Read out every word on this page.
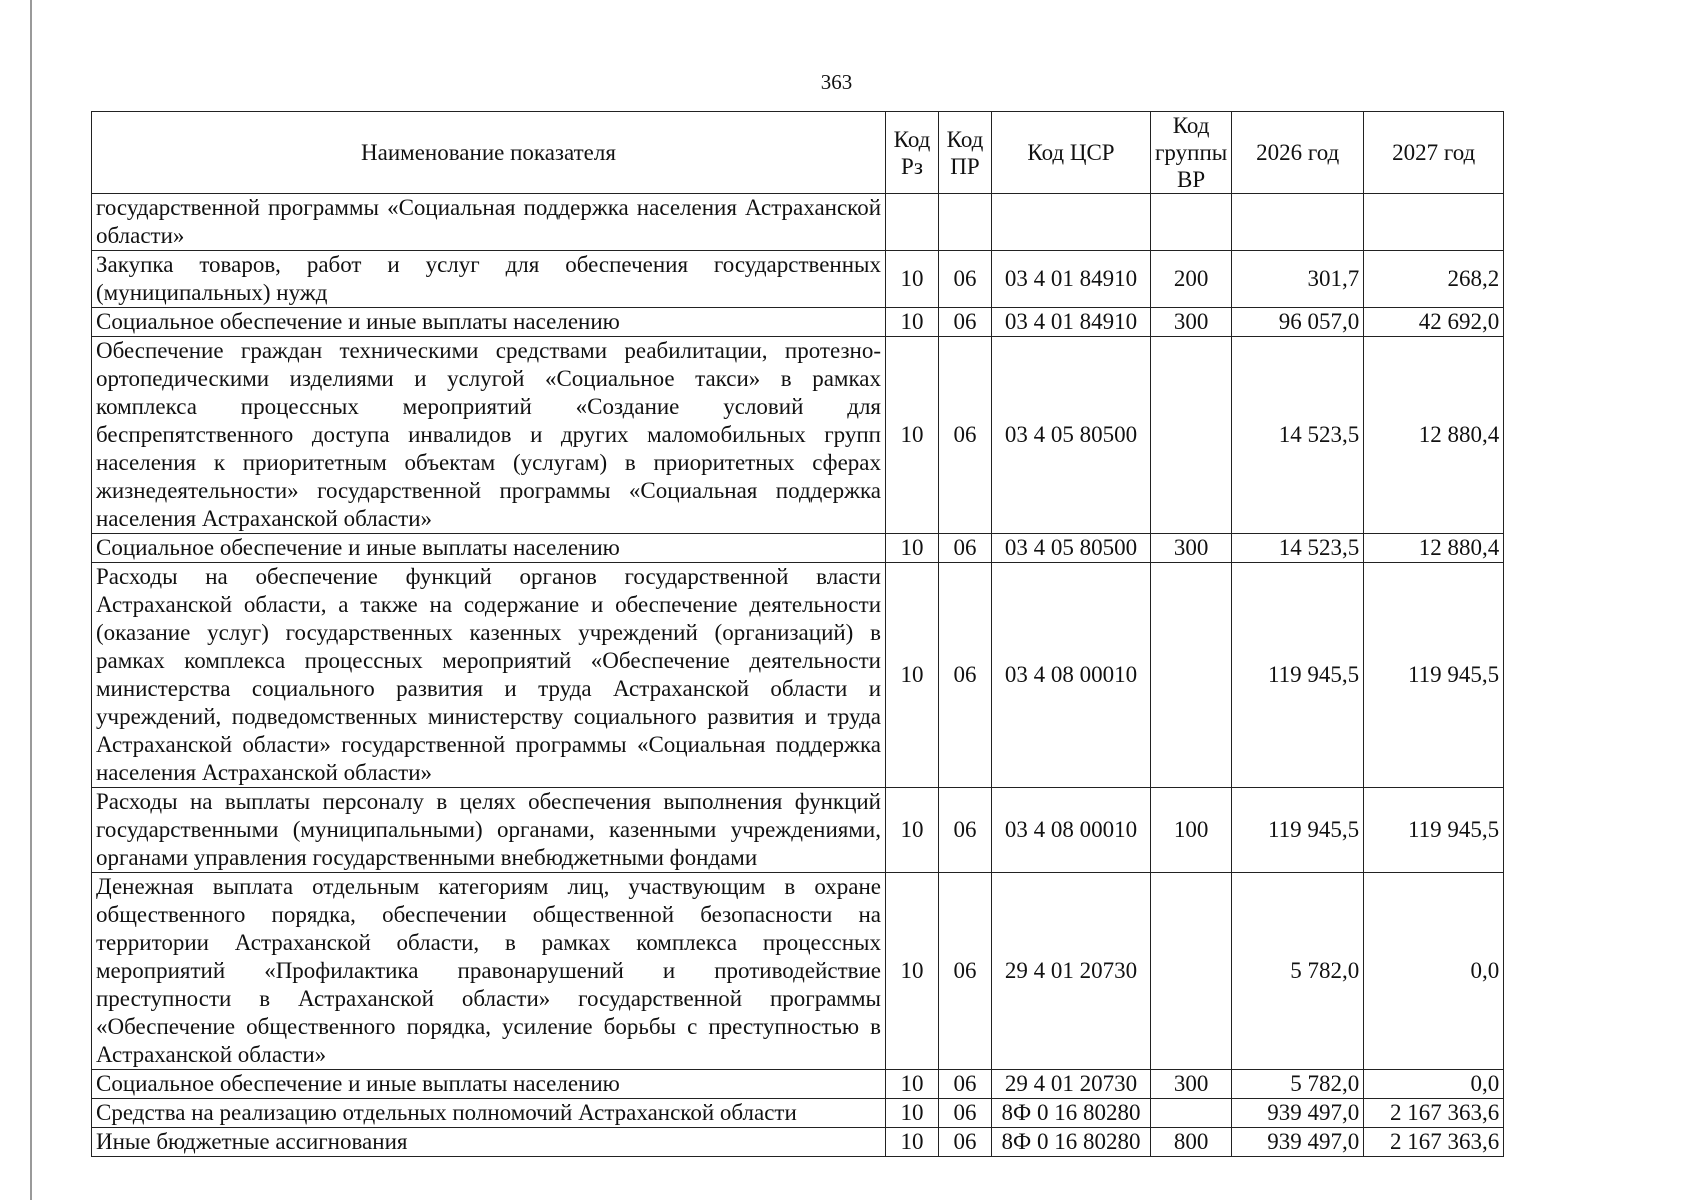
363
Наименование показателя	Код Рз	Код ПР	Код ЦСР	Код группы ВР	2026 год	2027 год
государственной программы «Социальная поддержка населения Астраханской области»						
Закупка товаров, работ и услуг для обеспечения государственных (муниципальных) нужд	10	06	03 4 01 84910	200	301,7	268,2
Социальное обеспечение и иные выплаты населению	10	06	03 4 01 84910	300	96 057,0	42 692,0
Обеспечение граждан техническими средствами реабилитации, протезно-ортопедическими изделиями и услугой «Социальное такси» в рамках комплекса процессных мероприятий «Создание условий для беспрепятственного доступа инвалидов и других маломобильных групп населения к приоритетным объектам (услугам) в приоритетных сферах жизнедеятельности» государственной программы «Социальная поддержка населения Астраханской области»	10	06	03 4 05 80500		14 523,5	12 880,4
Социальное обеспечение и иные выплаты населению	10	06	03 4 05 80500	300	14 523,5	12 880,4
Расходы на обеспечение функций органов государственной власти Астраханской области, а также на содержание и обеспечение деятельности (оказание услуг) государственных казенных учреждений (организаций) в рамках комплекса процессных мероприятий «Обеспечение деятельности министерства социального развития и труда Астраханской области и учреждений, подведомственных министерству социального развития и труда Астраханской области» государственной программы «Социальная поддержка населения Астраханской области»	10	06	03 4 08 00010		119 945,5	119 945,5
Расходы на выплаты персоналу в целях обеспечения выполнения функций государственными (муниципальными) органами, казенными учреждениями, органами управления государственными внебюджетными фондами	10	06	03 4 08 00010	100	119 945,5	119 945,5
Денежная выплата отдельным категориям лиц, участвующим в охране общественного порядка, обеспечении общественной безопасности на территории Астраханской области, в рамках комплекса процессных мероприятий «Профилактика правонарушений и противодействие преступности в Астраханской области» государственной программы «Обеспечение общественного порядка, усиление борьбы с преступностью в Астраханской области»	10	06	29 4 01 20730		5 782,0	0,0
Социальное обеспечение и иные выплаты населению	10	06	29 4 01 20730	300	5 782,0	0,0
Средства на реализацию отдельных полномочий Астраханской области	10	06	8Ф 0 16 80280		939 497,0	2 167 363,6
Иные бюджетные ассигнования	10	06	8Ф 0 16 80280	800	939 497,0	2 167 363,6
